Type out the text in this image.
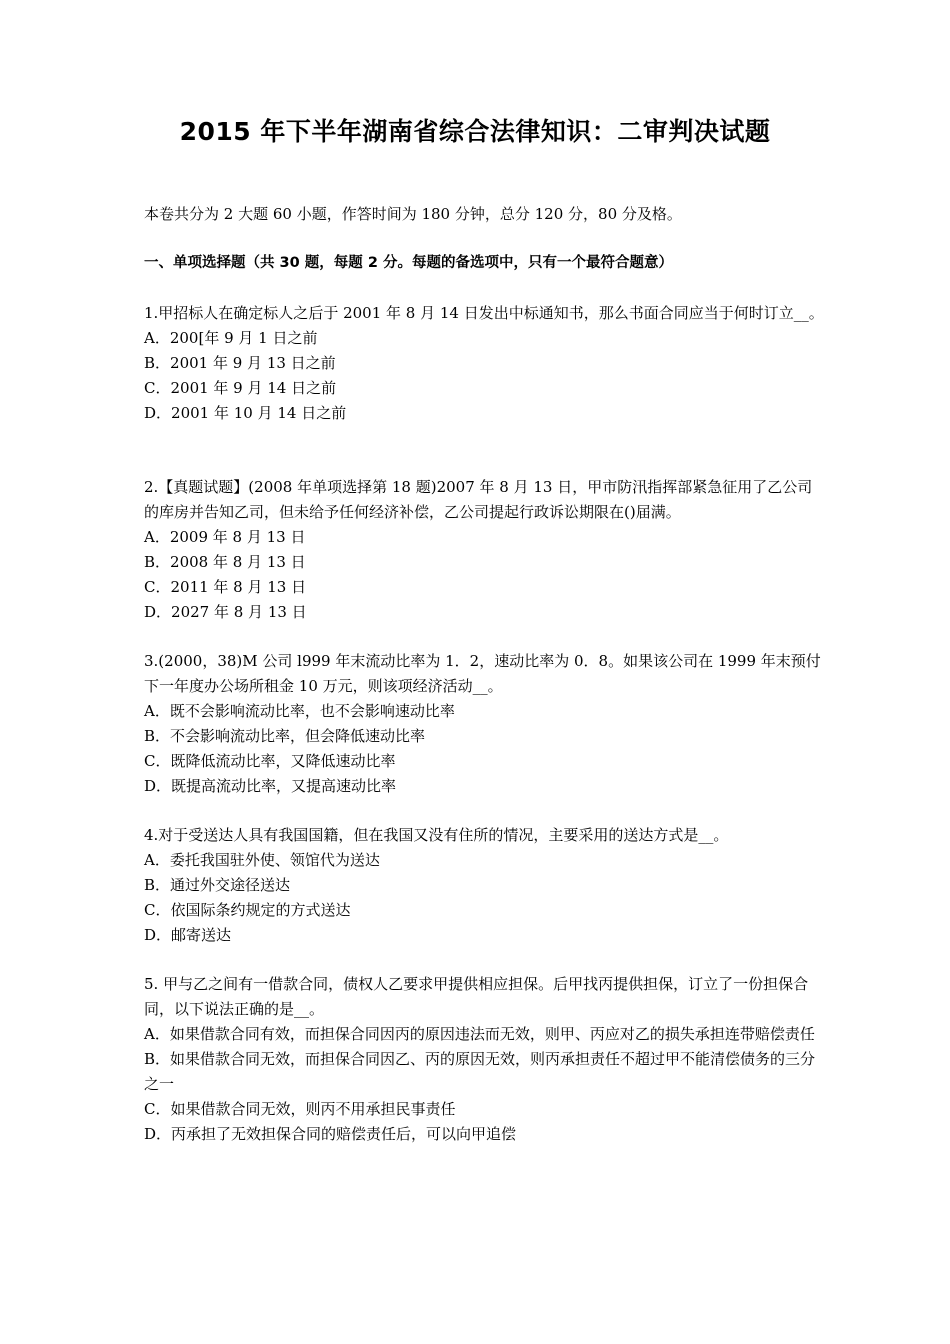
2015 年下半年湖南省综合法律知识：二审判决试题
本卷共分为 2 大题 60 小题，作答时间为 180 分钟，总分 120 分，80 分及格。
一、单项选择题（共 30 题，每题 2 分。每题的备选项中，只有一个最符合题意）
1.甲招标人在确定标人之后于 2001 年 8 月 14 日发出中标通知书，那么书面合同应当于何时订立__。
A．200[年 9 月 1 日之前
B．2001 年 9 月 13 日之前
C．2001 年 9 月 14 日之前
D．2001 年 10 月 14 日之前
2.【真题试题】(2008 年单项选择第 18 题)2007 年 8 月 13 日，甲市防汛指挥部紧急征用了乙公司的库房并告知乙司，但未给予任何经济补偿，乙公司提起行政诉讼期限在()届满。
A．2009 年 8 月 13 日
B．2008 年 8 月 13 日
C．2011 年 8 月 13 日
D．2027 年 8 月 13 日
3.(2000，38)M 公司 l999 年末流动比率为 1．2，速动比率为 0．8。如果该公司在 1999 年末预付下一年度办公场所租金 10 万元，则该项经济活动__。
A．既不会影响流动比率，也不会影响速动比率
B．不会影响流动比率，但会降低速动比率
C．既降低流动比率，又降低速动比率
D．既提高流动比率，又提高速动比率
4.对于受送达人具有我国国籍，但在我国又没有住所的情况，主要采用的送达方式是__。
A．委托我国驻外使、领馆代为送达
B．通过外交途径送达
C．依国际条约规定的方式送达
D．邮寄送达
5. 甲与乙之间有一借款合同，债权人乙要求甲提供相应担保。后甲找丙提供担保，订立了一份担保合同，以下说法正确的是__。
A．如果借款合同有效，而担保合同因丙的原因违法而无效，则甲、丙应对乙的损失承担连带赔偿责任
B．如果借款合同无效，而担保合同因乙、丙的原因无效，则丙承担责任不超过甲不能清偿债务的三分之一
C．如果借款合同无效，则丙不用承担民事责任
D．丙承担了无效担保合同的赔偿责任后，可以向甲追偿
